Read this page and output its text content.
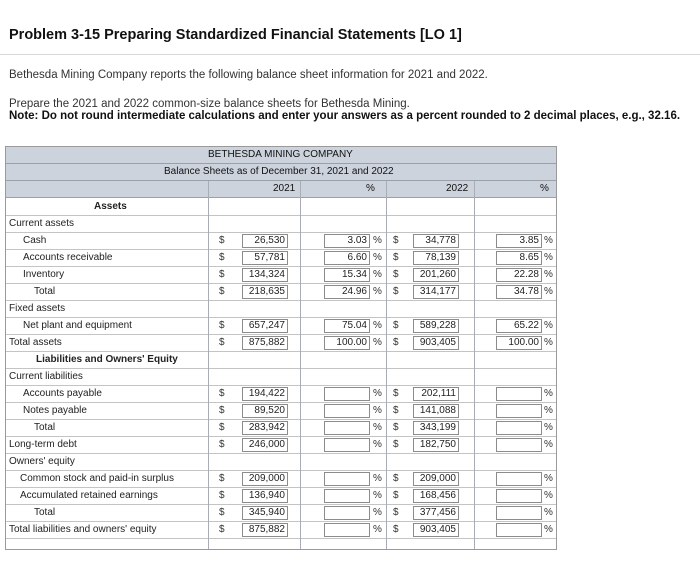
Problem 3-15 Preparing Standardized Financial Statements [LO 1]
Bethesda Mining Company reports the following balance sheet information for 2021 and 2022.
Prepare the 2021 and 2022 common-size balance sheets for Bethesda Mining.
Note: Do not round intermediate calculations and enter your answers as a percent rounded to 2 decimal places, e.g., 32.16.
BETHESDA MINING COMPANY
Balance Sheets as of December 31, 2021 and 2022
2021	%	2022	%
Assets
Liabilities and Owners' Equity
Current assets
Cash	$	26,530	3.03 % $	34,778	3.85 %
Accounts receivable	$	57,781	6.60 % $	78,139	8.65 %
Inventory	$	134,324	15.34 % $	201,260	22.28 %
Total	$	218,635	24.96 % $	314,177	34.78 %
Fixed assets
Net plant and equipment	$	657,247	75.04 % $	589,228	65.22 %
Total assets	$	875,882	100.00 % $	903,405	100.00 %
Current liabilities
Accounts payable	$	194,422	% $	202,111	%
Notes payable	$	89,520	% $	141,088	%
Total	$	283,942	% $	343,199	%
Long-term debt	$	246,000	% $	182,750	%
Owners' equity
Common stock and paid-in surplus	$	209,000	% $	209,000	%
Accumulated retained earnings	$	136,940	% $	168,456	%
Total	$	345,940	% $	377,456	%
Total liabilities and owners' equity	$	875,882	% $	903,405	%
